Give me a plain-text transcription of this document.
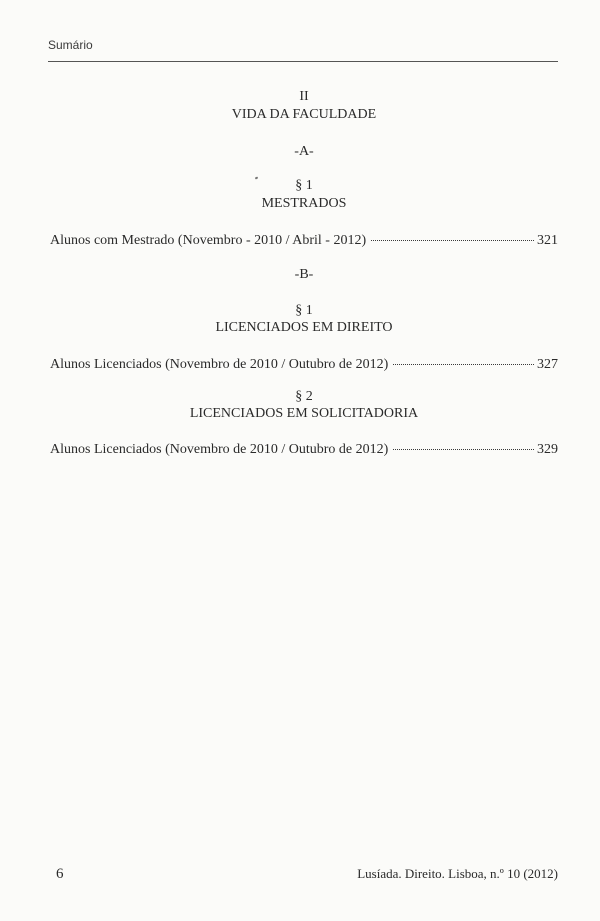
Sumário
II
VIDA DA FACULDADE
-A-
§ 1
MESTRADOS
Alunos com Mestrado (Novembro - 2010 / Abril - 2012)	321
-B-
§ 1
LICENCIADOS EM DIREITO
Alunos Licenciados (Novembro de 2010 / Outubro de 2012)	327
§ 2
LICENCIADOS EM SOLICITADORIA
Alunos Licenciados (Novembro de 2010 / Outubro de 2012)	329
6	Lusíada. Direito. Lisboa, n.º 10 (2012)
